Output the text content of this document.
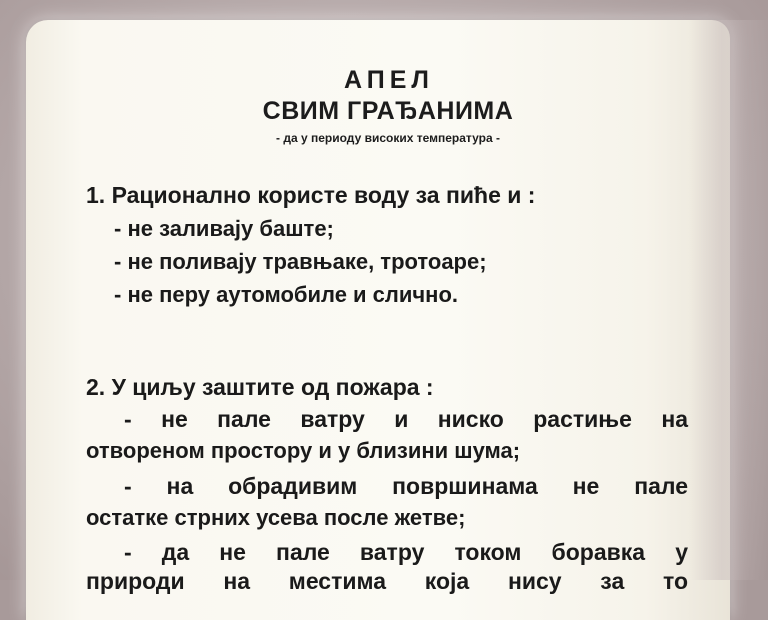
АПЕЛ
СВИМ ГРАЂАНИМА
- да у периоду високих температура -
1. Рационално користе воду за пиће и :
- не заливају баште;
- не поливају травњаке, тротоаре;
- не перу аутомобиле и слично.
2. У циљу заштите од пожара :
- не пале ватру и ниско растиње на
отвореном простору и у близини шума;
- на обрадивим површинама не пале
остатке стрних усева после жетве;
- да не пале ватру током боравка у
природи на местима која нису за то
